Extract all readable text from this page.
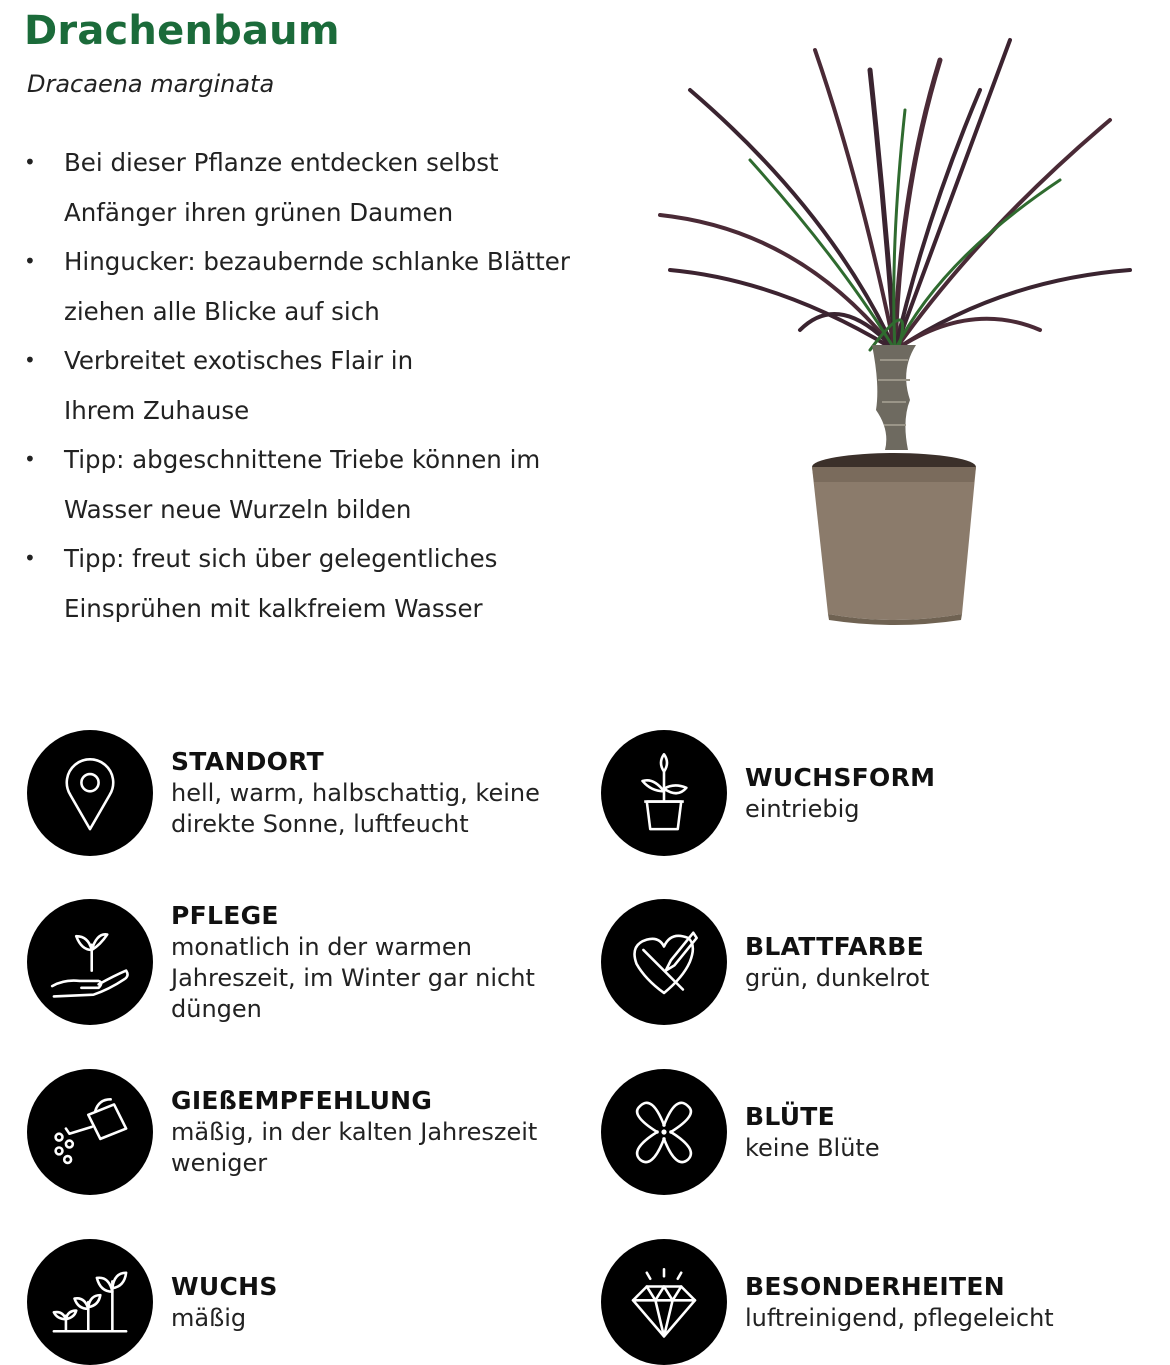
Drachenbaum

Dracaena marginata

• Bei dieser Pflanze entdecken selbst
Anfänger ihren grünen Daumen
• Hingucker: bezaubernde schlanke Blätter
ziehen alle Blicke auf sich
• Verbreitet exotisches Flair in
Ihrem Zuhause
• Tipp: abgeschnittene Triebe können im
Wasser neue Wurzeln bilden
• Tipp: freut sich über gelegentliches
Einsprühen mit kalkfreiem Wasser
STANDORT
hell, warm, halbschattig, keine direkte Sonne, luftfeucht
WUCHSFORM
eintriebig
PFLEGE
monatlich in der warmen Jahreszeit, im Winter gar nicht düngen
BLATTFARBE
grün, dunkelrot
GIEßEMPFEHLUNG
mäßig, in der kalten Jahreszeit weniger
BLÜTE
keine Blüte
WUCHS
mäßig
BESONDERHEITEN
luftreinigend, pflegeleicht
